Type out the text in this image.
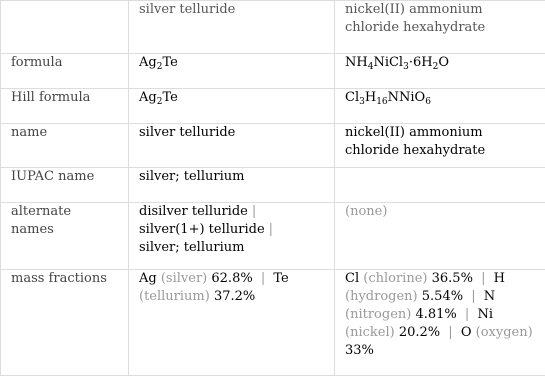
	silver telluride	nickel(II) ammonium chloride hexahydrate
formula	$Ag_2Te$	$NH_4NiCl_3\cdot 6H_2O$
Hill formula	$Ag_2Te$	$Cl_3H_{16}NNiO_6$
name	silver telluride	nickel(II) ammonium chloride hexahydrate
IUPAC name	silver; tellurium	
alternate names	disilver telluride |
silver(1+) telluride |
silver; tellurium	(none)
mass fractions	Ag (silver) 62.8% | Te (tellurium) 37.2%	Cl (chlorine) 36.5% | H (hydrogen) 5.54% | N (nitrogen) 4.81% | Ni (nickel) 20.2% | O (oxygen) 33%
